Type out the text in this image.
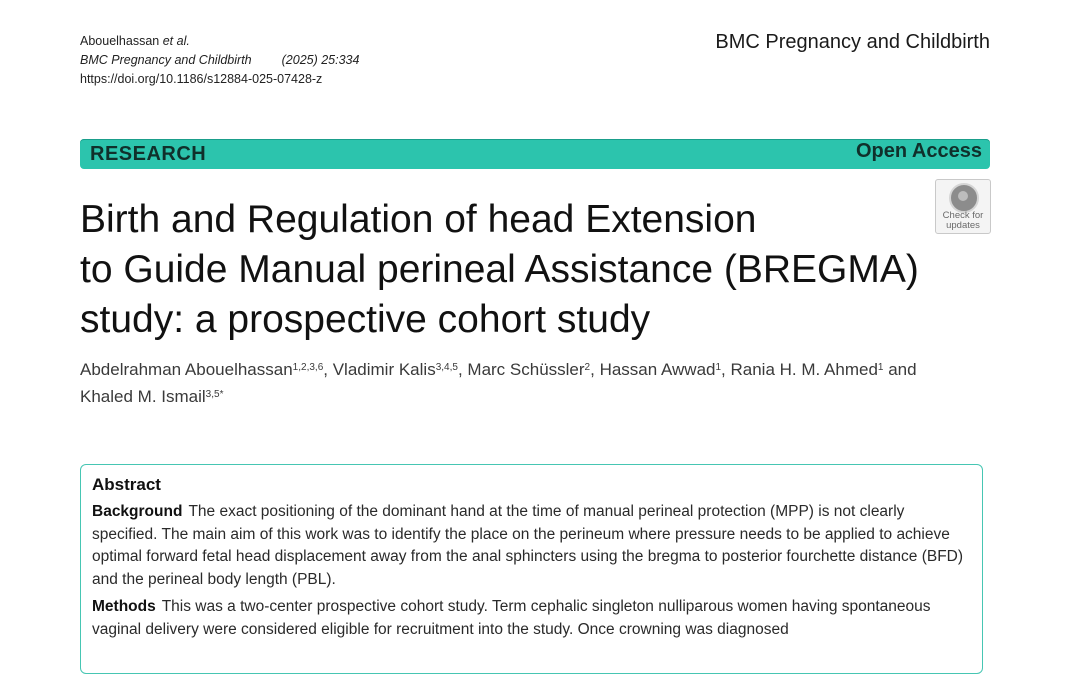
Abouelhassan et al.
BMC Pregnancy and Childbirth (2025) 25:334
https://doi.org/10.1186/s12884-025-07428-z
BMC Pregnancy and Childbirth
RESEARCH	Open Access
Check for
updates
Birth and Regulation of head Extension
to Guide Manual perineal Assistance (BREGMA)
study: a prospective cohort study
Abdelrahman Abouelhassan$^{1,2,3,6}$, Vladimir Kalis$^{3,4,5}$, Marc Schüssler$^2$, Hassan Awwad$^1$, Rania H. M. Ahmed$^1$ and
Khaled M. Ismail$^{3,5*}$
Abstract

Background The exact positioning of the dominant hand at the time of manual perineal protection (MPP) is not clearly specified. The main aim of this work was to identify the place on the perineum where pressure needs to be applied to achieve optimal forward fetal head displacement away from the anal sphincters using the bregma to posterior fourchette distance (BFD) and the perineal body length (PBL).

Methods This was a two-center prospective cohort study. Term cephalic singleton nulliparous women having spontaneous vaginal delivery were considered eligible for recruitment into the study. Once crowning was diagnosed
